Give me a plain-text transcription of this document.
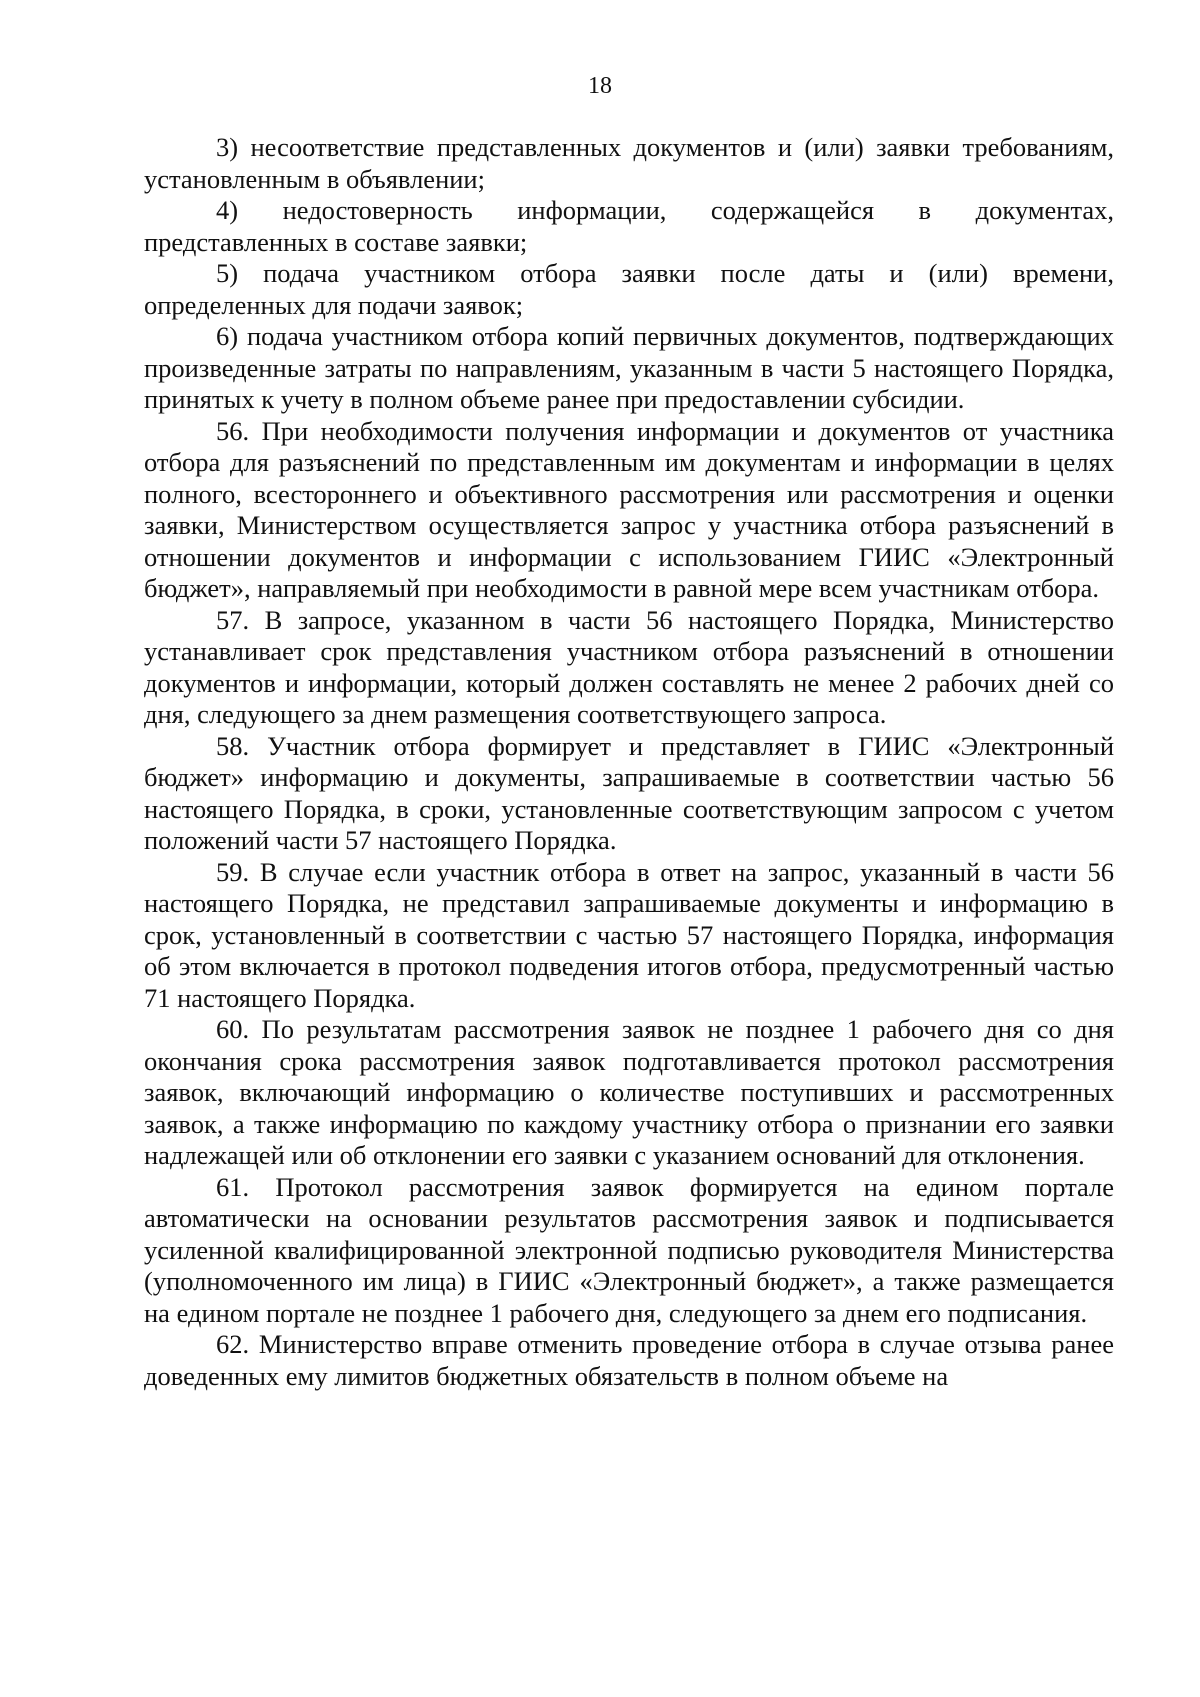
18

3) несоответствие представленных документов и (или) заявки требованиям, установленным в объявлении;

4) недостоверность информации, содержащейся в документах, представленных в составе заявки;

5) подача участником отбора заявки после даты и (или) времени, определенных для подачи заявок;

6) подача участником отбора копий первичных документов, подтверждающих произведенные затраты по направлениям, указанным в части 5 настоящего Порядка, принятых к учету в полном объеме ранее при предоставлении субсидии.

56. При необходимости получения информации и документов от участника отбора для разъяснений по представленным им документам и информации в целях полного, всестороннего и объективного рассмотрения или рассмотрения и оценки заявки, Министерством осуществляется запрос у участника отбора разъяснений в отношении документов и информации с использованием ГИИС «Электронный бюджет», направляемый при необходимости в равной мере всем участникам отбора.

57. В запросе, указанном в части 56 настоящего Порядка, Министерство устанавливает срок представления участником отбора разъяснений в отношении документов и информации, который должен составлять не менее 2 рабочих дней со дня, следующего за днем размещения соответствующего запроса.

58. Участник отбора формирует и представляет в ГИИС «Электронный бюджет» информацию и документы, запрашиваемые в соответствии частью 56 настоящего Порядка, в сроки, установленные соответствующим запросом с учетом положений части 57 настоящего Порядка.

59. В случае если участник отбора в ответ на запрос, указанный в части 56 настоящего Порядка, не представил запрашиваемые документы и информацию в срок, установленный в соответствии с частью 57 настоящего Порядка, информация об этом включается в протокол подведения итогов отбора, предусмотренный частью 71 настоящего Порядка.

60. По результатам рассмотрения заявок не позднее 1 рабочего дня со дня окончания срока рассмотрения заявок подготавливается протокол рассмотрения заявок, включающий информацию о количестве поступивших и рассмотренных заявок, а также информацию по каждому участнику отбора о признании его заявки надлежащей или об отклонении его заявки с указанием оснований для отклонения.

61. Протокол рассмотрения заявок формируется на едином портале автоматически на основании результатов рассмотрения заявок и подписывается усиленной квалифицированной электронной подписью руководителя Министерства (уполномоченного им лица) в ГИИС «Электронный бюджет», а также размещается на едином портале не позднее 1 рабочего дня, следующего за днем его подписания.

62. Министерство вправе отменить проведение отбора в случае отзыва ранее доведенных ему лимитов бюджетных обязательств в полном объеме на
